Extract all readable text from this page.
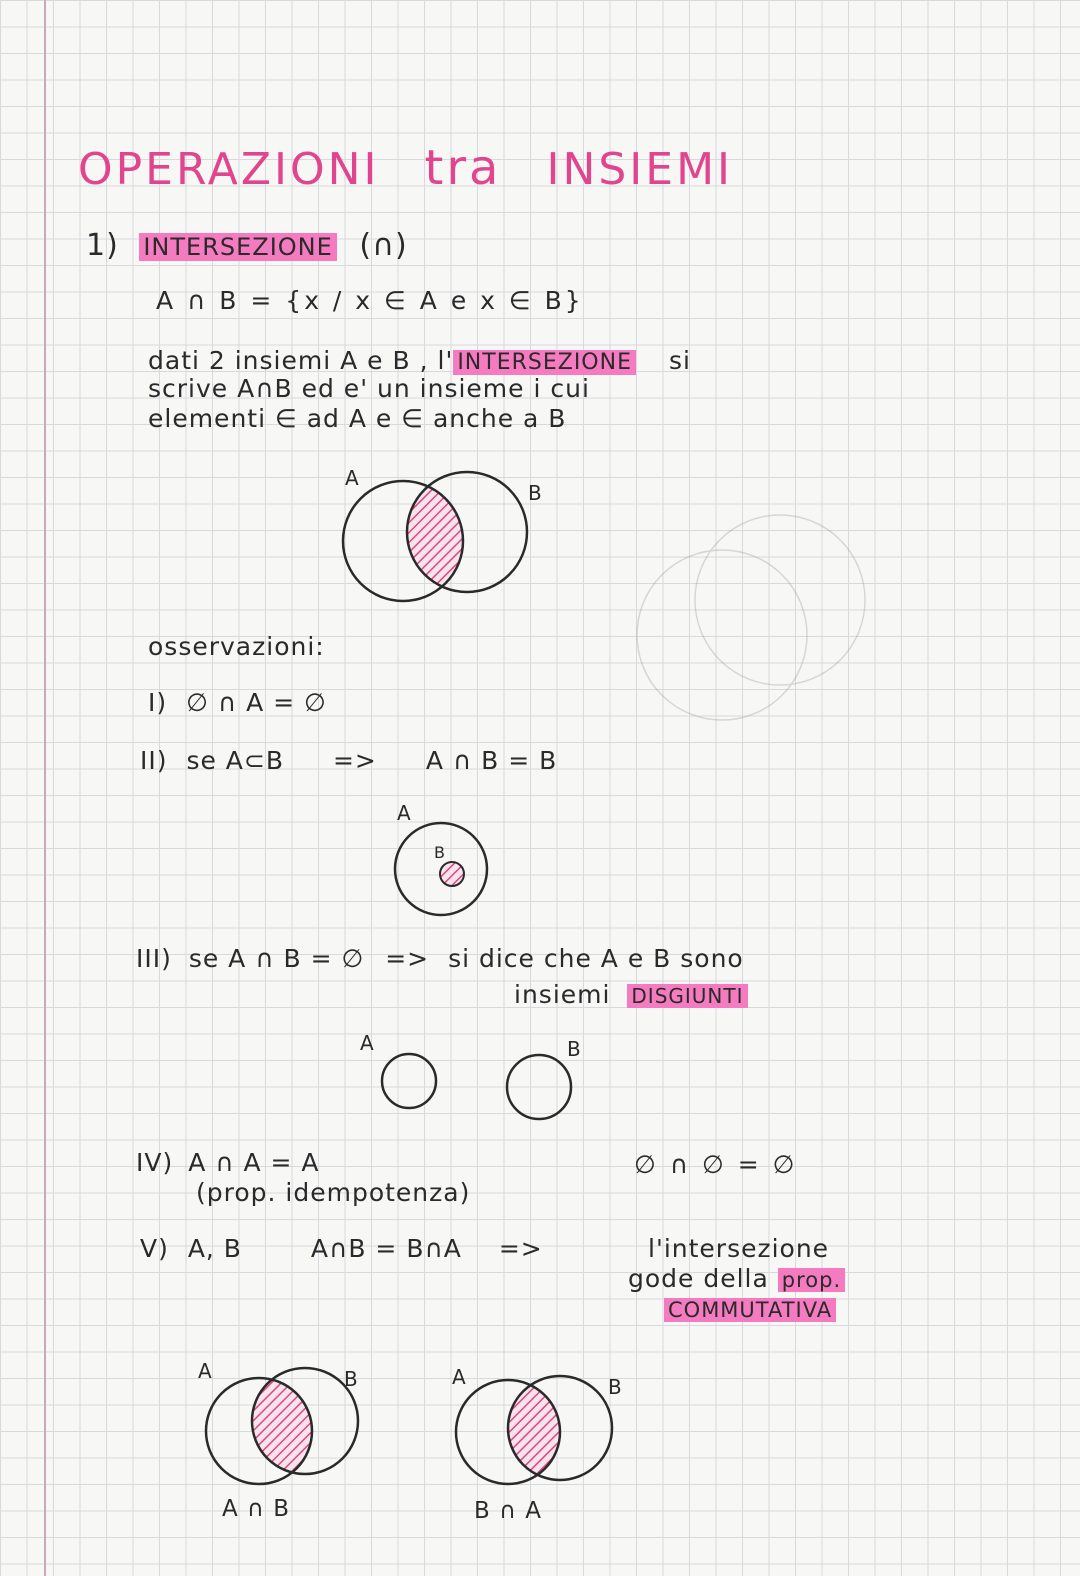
OPERAZIONI tra INSIEMI
1) INTERSEZIONE (∩)
A ∩ B = {x / x ∈ A e x ∈ B}
dati 2 insiemi A e B , l' INTERSEZIONE si
scrive A∩B ed e' un insieme i cui
elementi ∈ ad A e ∈ anche a B
A
B
A
B
A	B
A	B	A	B
osservazioni:
I) ∅ ∩ A = ∅
II) se A⊂B => A ∩ B = B
III) se A ∩ B = ∅ => si dice che A e B sono
insiemi DISGIUNTI
IV) A ∩ A = A
(prop. idempotenza)
∅ ∩ ∅ = ∅
V) A, B	A∩B = B∩A =>	l'intersezione
gode della prop.
COMMUTATIVA
A ∩ B	B ∩ A
